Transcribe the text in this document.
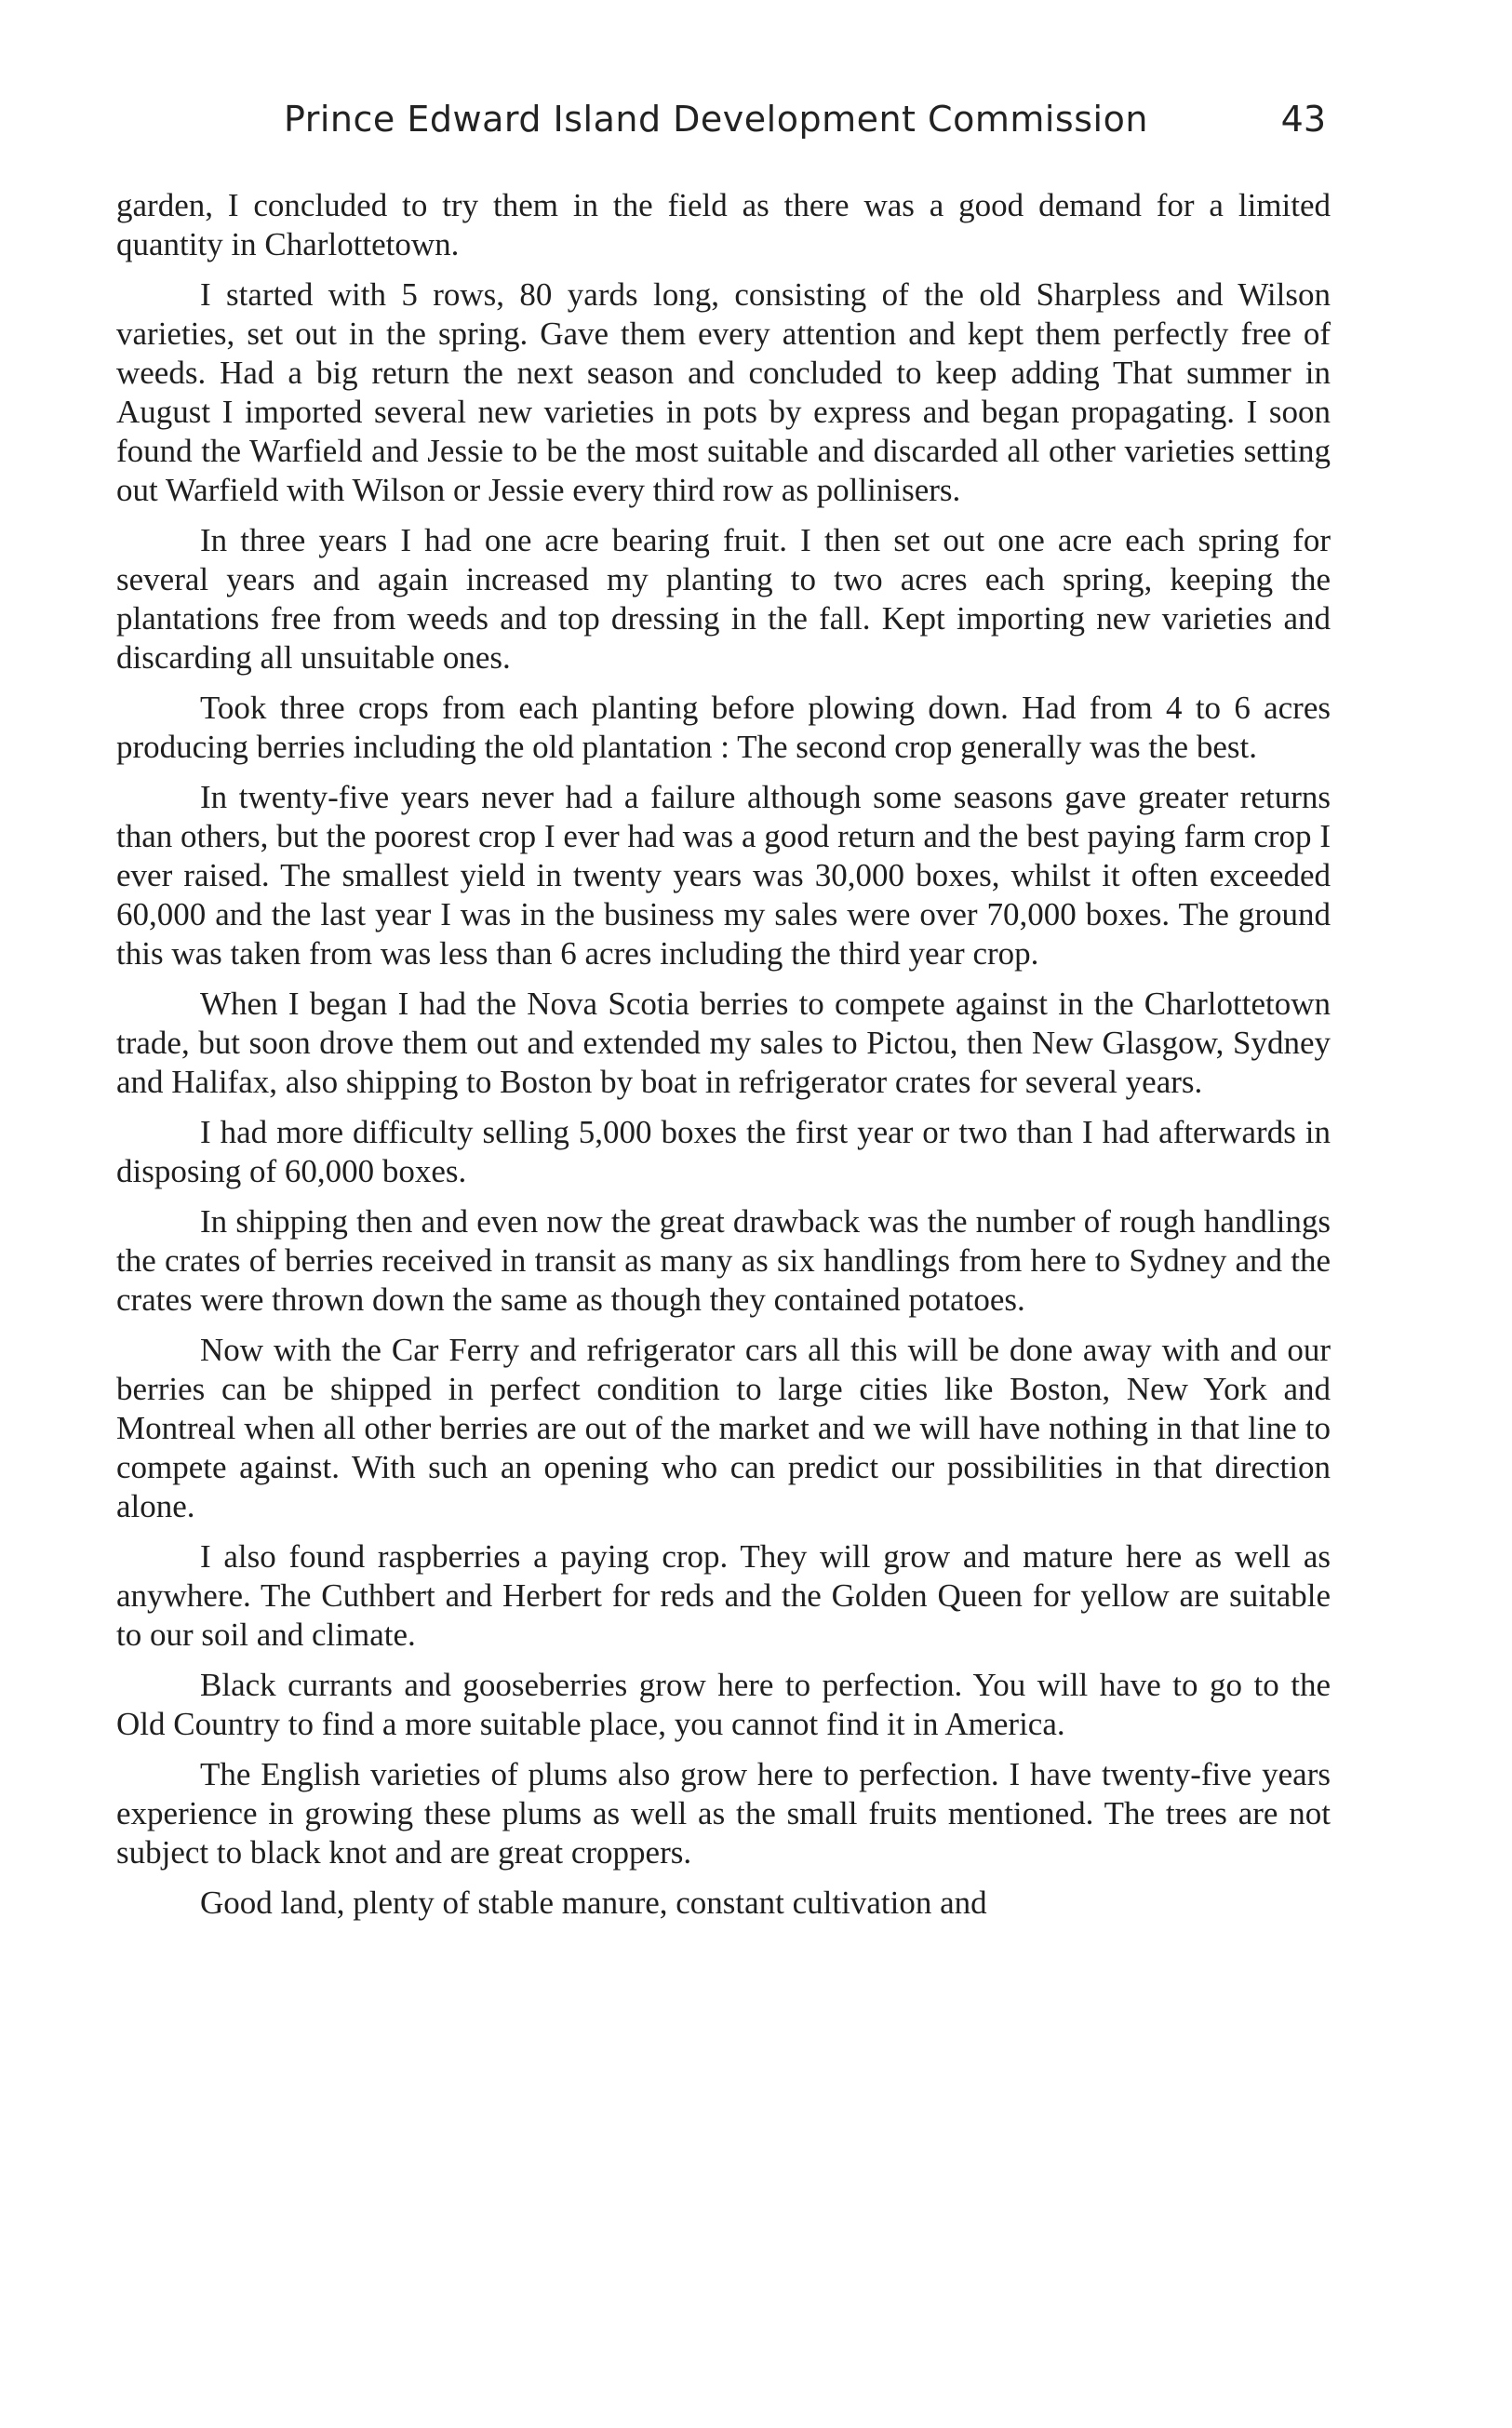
Prince Edward Island Development Commission	43

garden, I concluded to try them in the field as there was a good demand for a limited quantity in Charlottetown.

I started with 5 rows, 80 yards long, consisting of the old Sharpless and Wilson varieties, set out in the spring. Gave them every attention and kept them perfectly free of weeds. Had a big return the next season and concluded to keep adding That summer in August I imported several new varieties in pots by express and began propagating. I soon found the Warfield and Jessie to be the most suitable and discarded all other varieties setting out Warfield with Wilson or Jessie every third row as pollinisers.

In three years I had one acre bearing fruit. I then set out one acre each spring for several years and again increased my planting to two acres each spring, keeping the plantations free from weeds and top dressing in the fall. Kept importing new varieties and discarding all unsuitable ones.

Took three crops from each planting before plowing down. Had from 4 to 6 acres producing berries including the old plantation : The second crop generally was the best.

In twenty-five years never had a failure although some seasons gave greater returns than others, but the poorest crop I ever had was a good return and the best paying farm crop I ever raised. The smallest yield in twenty years was 30,000 boxes, whilst it often exceeded 60,000 and the last year I was in the business my sales were over 70,000 boxes. The ground this was taken from was less than 6 acres including the third year crop.

When I began I had the Nova Scotia berries to compete against in the Charlottetown trade, but soon drove them out and extended my sales to Pictou, then New Glasgow, Sydney and Halifax, also shipping to Boston by boat in refrigerator crates for several years.

I had more difficulty selling 5,000 boxes the first year or two than I had afterwards in disposing of 60,000 boxes.

In shipping then and even now the great drawback was the number of rough handlings the crates of berries received in transit as many as six handlings from here to Sydney and the crates were thrown down the same as though they contained potatoes.

Now with the Car Ferry and refrigerator cars all this will be done away with and our berries can be shipped in perfect condition to large cities like Boston, New York and Montreal when all other berries are out of the market and we will have nothing in that line to compete against. With such an opening who can predict our possibilities in that direction alone.

I also found raspberries a paying crop. They will grow and mature here as well as anywhere. The Cuthbert and Herbert for reds and the Golden Queen for yellow are suitable to our soil and climate.

Black currants and gooseberries grow here to perfection. You will have to go to the Old Country to find a more suitable place, you cannot find it in America.

The English varieties of plums also grow here to perfection. I have twenty-five years experience in growing these plums as well as the small fruits mentioned. The trees are not subject to black knot and are great croppers.

Good land, plenty of stable manure, constant cultivation and
